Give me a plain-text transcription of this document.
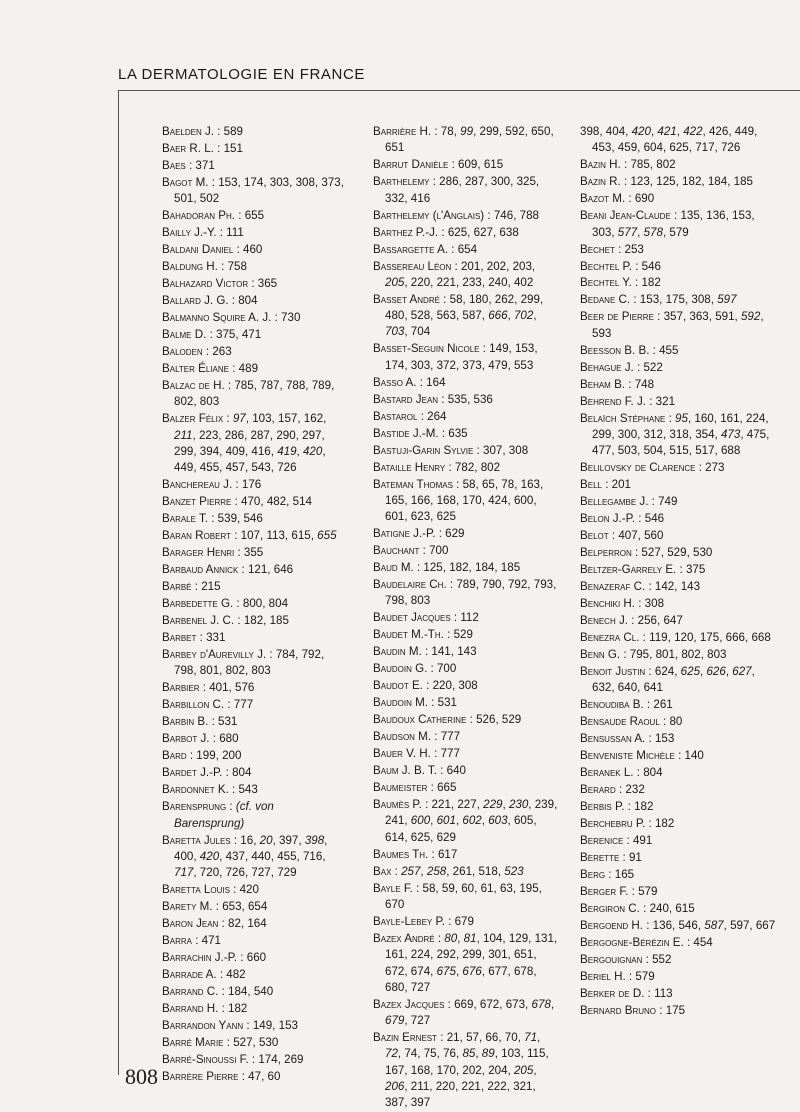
LA DERMATOLOGIE EN FRANCE
Baelden J. : 589
Baer R. L. : 151
Baes : 371
Bagot M. : 153, 174, 303, 308, 373, 501, 502
Bahadoran Ph. : 655
Bailly J.-Y. : 111
Baldani Daniel : 460
Baldung H. : 758
Balhazard Victor : 365
Ballard J. G. : 804
Balmanno Squire A. J. : 730
Balme D. : 375, 471
Baloden : 263
Balter Éliane : 489
Balzac de H. : 785, 787, 788, 789, 802, 803
Balzer Félix : 97, 103, 157, 162, 211, 223, 286, 287, 290, 297, 299, 394, 409, 416, 419, 420, 449, 455, 457, 543, 726
Banchereau J. : 176
Banzet Pierre : 470, 482, 514
Barale T. : 539, 546
Baran Robert : 107, 113, 615, 655
Barager Henri : 355
Barbaud Annick : 121, 646
Barbé : 215
Barbedette G. : 800, 804
Barbenel J. C. : 182, 185
Barbet : 331
Barbey d'Aurevilly J. : 784, 792, 798, 801, 802, 803
Barbier : 401, 576
Barbillon C. : 777
Barbin B. : 531
Barbot J. : 680
Bard : 199, 200
Bardet J.-P. : 804
Bardonnet K. : 543
Barensprung : (cf. von Barensprung)
Baretta Jules : 16, 20, 397, 398, 400, 420, 437, 440, 455, 716, 717, 720, 726, 727, 729
Baretta Louis : 420
Barety M. : 653, 654
Baron Jean : 82, 164
Barra : 471
Barrachin J.-P. : 660
Barrade A. : 482
Barrand C. : 184, 540
Barrand H. : 182
Barrandon Yann : 149, 153
Barré Marie : 527, 530
Barré-Sinoussi F. : 174, 269
Barrère Pierre : 47, 60
Barrière H. : 78, 99, 299, 592, 650, 651
Barrut Danièle : 609, 615
Barthelemy : 286, 287, 300, 325, 332, 416
Barthelemy (l'Anglais) : 746, 788
Barthez P.-J. : 625, 627, 638
Bassargette A. : 654
Bassereau Léon : 201, 202, 203, 205, 220, 221, 233, 240, 402
Basset André : 58, 180, 262, 299, 480, 528, 563, 587, 666, 702, 703, 704
Basset-Seguin Nicole : 149, 153, 174, 303, 372, 373, 479, 553
Basso A. : 164
Bastard Jean : 535, 536
Bastarol : 264
Bastide J.-M. : 635
Bastuji-Garin Sylvie : 307, 308
Bataille Henry : 782, 802
Bateman Thomas : 58, 65, 78, 163, 165, 166, 168, 170, 424, 600, 601, 623, 625
Batigne J.-P. : 629
Bauchant : 700
Baud M. : 125, 182, 184, 185
Baudelaire Ch. : 789, 790, 792, 793, 798, 803
Baudet Jacques : 112
Baudet M.-Th. : 529
Baudin M. : 141, 143
Baudoin G. : 700
Baudot E. : 220, 308
Baudoin M. : 531
Baudoux Catherine : 526, 529
Baudson M. : 777
Bauer V. H. : 777
Baum J. B. T. : 640
Baumeister : 665
Baumès P. : 221, 227, 229, 230, 239, 241, 600, 601, 602, 603, 605, 614, 625, 629
Baumes Th. : 617
Bax : 257, 258, 261, 518, 523
Bayle F. : 58, 59, 60, 61, 63, 195, 670
Bayle-Lebey P. : 679
Bazex André : 80, 81, 104, 129, 131, 161, 224, 292, 299, 301, 651, 672, 674, 675, 676, 677, 678, 680, 727
Bazex Jacques : 669, 672, 673, 678, 679, 727
Bazin Ernest : 21, 57, 66, 70, 71, 72, 74, 75, 76, 85, 89, 103, 115, 167, 168, 170, 202, 204, 205, 206, 211, 220, 221, 222, 321, 387, 397
398, 404, 420, 421, 422, 426, 449, 453, 459, 604, 625, 717, 726
Bazin H. : 785, 802
Bazin R. : 123, 125, 182, 184, 185
Bazot M. : 690
Beani Jean-Claude : 135, 136, 153, 303, 577, 578, 579
Bechet : 253
Bechtel P. : 546
Bechtel Y. : 182
Bedane C. : 153, 175, 308, 597
Beer de Pierre : 357, 363, 591, 592, 593
Beesson B. B. : 455
Behague J. : 522
Beham B. : 748
Behrend F. J. : 321
Belaïch Stéphane : 95, 160, 161, 224, 299, 300, 312, 318, 354, 473, 475, 477, 503, 504, 515, 517, 688
Belilovsky de Clarence : 273
Bell : 201
Bellegambe J. : 749
Belon J.-P. : 546
Belot : 407, 560
Belperron : 527, 529, 530
Beltzer-Garrely E. : 375
Benazeraf C. : 142, 143
Benchiki H. : 308
Benech J. : 256, 647
Benezra Cl. : 119, 120, 175, 666, 668
Benn G. : 795, 801, 802, 803
Benoit Justin : 624, 625, 626, 627, 632, 640, 641
Benoudiba B. : 261
Bensaude Raoul : 80
Bensussan A. : 153
Benveniste Michèle : 140
Beranek L. : 804
Berard : 232
Berbis P. : 182
Berchebru P. : 182
Berenice : 491
Berette : 91
Berg : 165
Berger F. : 579
Bergiron C. : 240, 615
Bergoend H. : 136, 546, 587, 597, 667
Bergogne-Bérézin E. : 454
Bergouignan : 552
Beriel H. : 579
Berker de D. : 113
Bernard Bruno : 175
808
